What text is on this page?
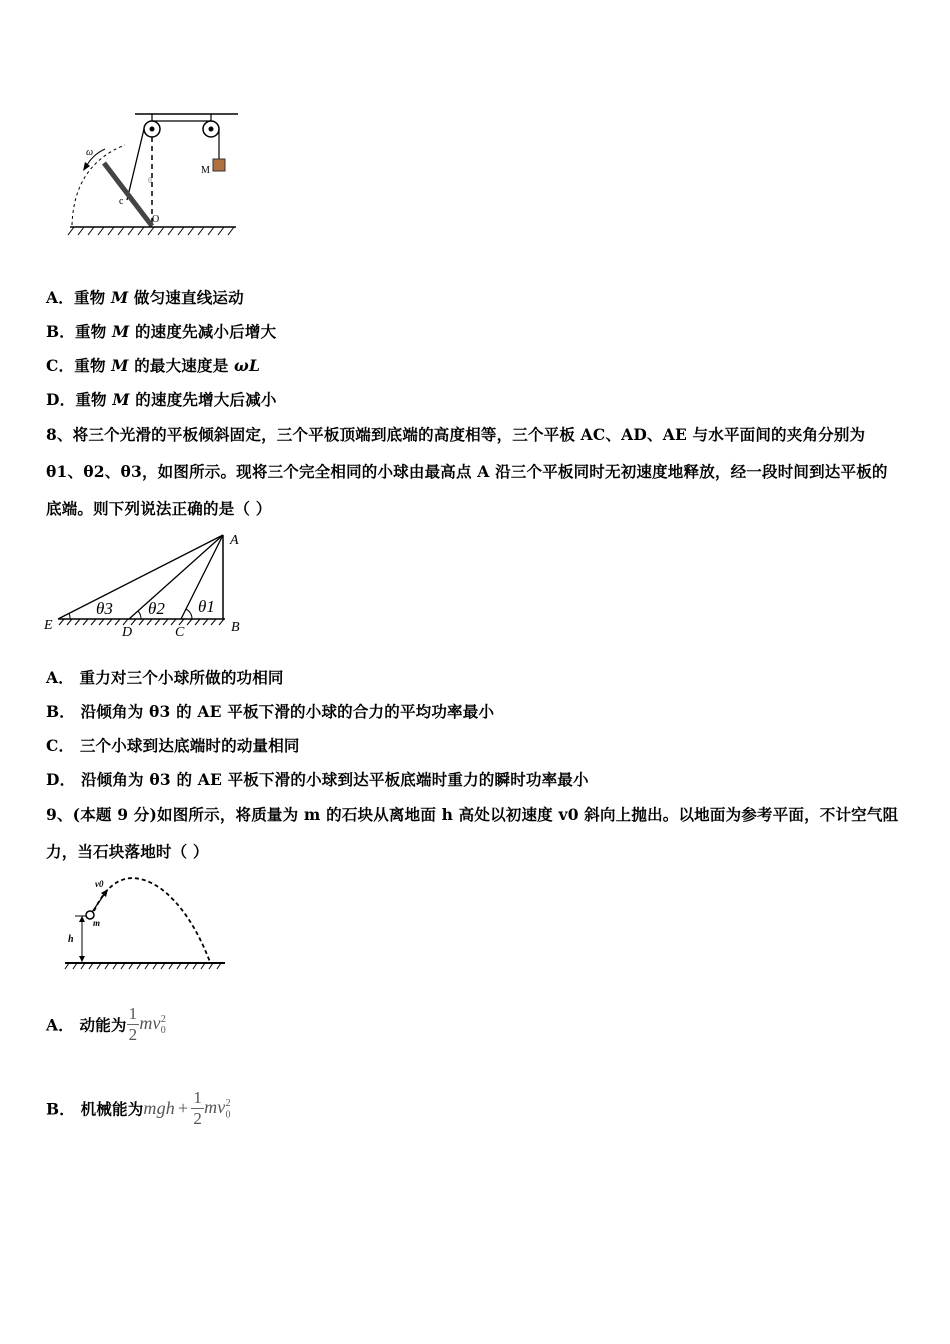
M
ω
c
O
θ
A．重物 M 做匀速直线运动
B．重物 M 的速度先减小后增大
C．重物 M 的最大速度是 ωL
D．重物 M 的速度先增大后减小
8、将三个光滑的平板倾斜固定，三个平板顶端到底端的高度相等，三个平板 AC、AD、AE 与水平面间的夹角分别为
θ1、θ2、θ3，如图所示。现将三个完全相同的小球由最高点 A 沿三个平板同时无初速度地释放，经一段时间到达平板的
底端。则下列说法正确的是（ ）
θ3 θ2 θ1
A
B
C
D
E
A． 重力对三个小球所做的功相同
B． 沿倾角为 θ3 的 AE 平板下滑的小球的合力的平均功率最小
C． 三个小球到达底端时的动量相同
D． 沿倾角为 θ3 的 AE 平板下滑的小球到达平板底端时重力的瞬时功率最小
9、(本题 9 分)如图所示，将质量为 m 的石块从离地面 h 高处以初速度 v0 斜向上抛出。以地面为参考平面，不计空气阻
力，当石块落地时（ ）
h
m
v0
A． 动能为 $\frac{1}{2} mv_0^2$
B． 机械能为mgh + $\frac{1}{2} mv_0^2$
